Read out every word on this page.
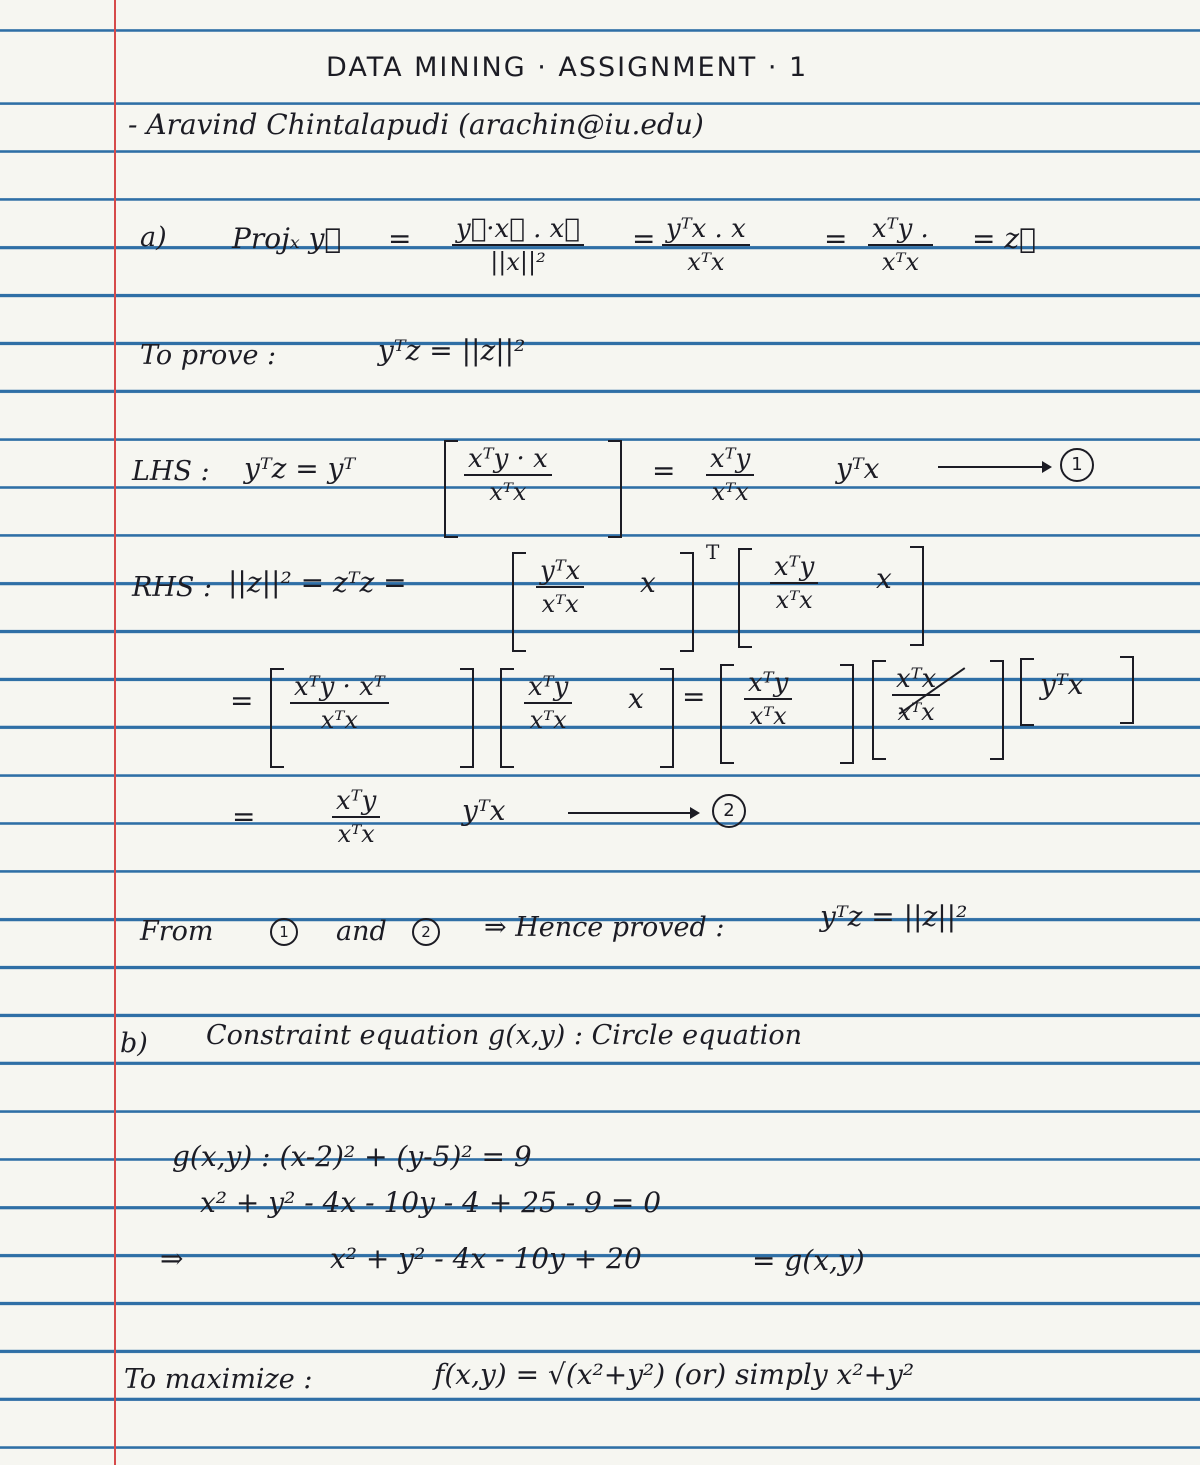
DATA MINING · ASSIGNMENT · 1
- Aravind Chintalapudi (arachin@iu.edu)
a) Projₓ y⃗ = $\frac{y⃗\cdot x⃗ . x⃗}{\text{||x||²}}$ = yᵀx . x
xᵀx
= xᵀy .
xᵀx
= z⃗
To prove :	yᵀz = ||z||²
LHS : yᵀz = yᵀ	xᵀy · x
xᵀx
= xᵀy
xᵀx
yᵀx	1
RHS : ||z||² = zᵀz =	yᵀx
xᵀx
x
T xᵀy
xᵀx
x
= xᵀy · xᵀ
xᵀx
xᵀy
xᵀx
x = xᵀy
xᵀx
xᵀx
xᵀx
yᵀx
=	xᵀy
xᵀx
yᵀx	2
From	1	and	2	⇒ Hence proved :	yᵀz = ||z||²
b) Constraint equation g(x,y) : Circle equation
g(x,y) : (x-2)² + (y-5)² = 9
x² + y² - 4x - 10y - 4 + 25 - 9 = 0
⇒	x² + y² - 4x - 10y + 20	= g(x,y)
To maximize :	f(x,y) = √(x²+y²) (or) simply x²+y²
